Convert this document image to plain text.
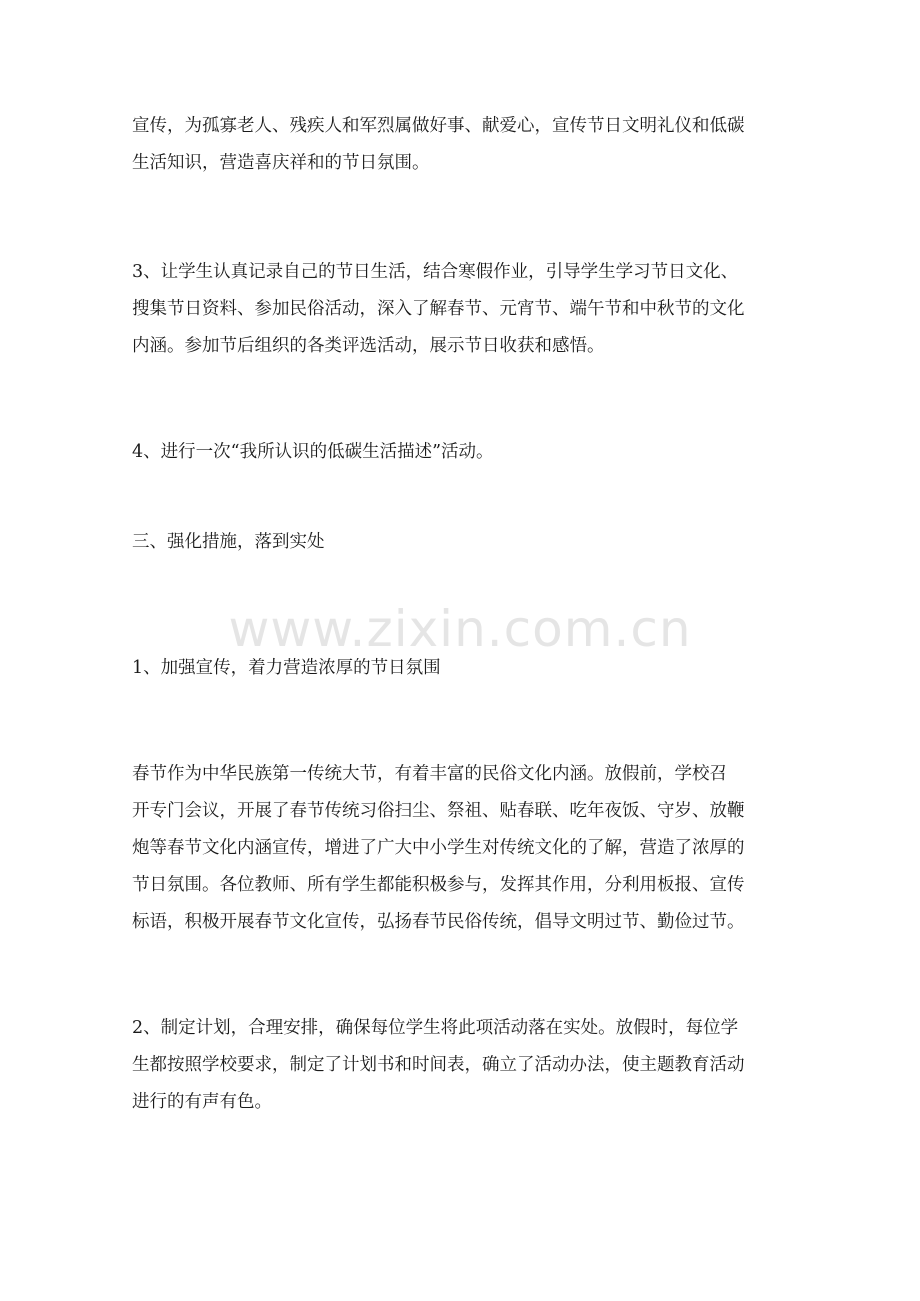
宣传，为孤寡老人、残疾人和军烈属做好事、献爱心，宣传节日文明礼仪和低碳
生活知识，营造喜庆祥和的节日氛围。

3、让学生认真记录自己的节日生活，结合寒假作业，引导学生学习节日文化、
搜集节日资料、参加民俗活动，深入了解春节、元宵节、端午节和中秋节的文化
内涵。参加节后组织的各类评选活动，展示节日收获和感悟。

4、进行一次“我所认识的低碳生活描述”活动。

三、强化措施，落到实处

1、加强宣传，着力营造浓厚的节日氛围

春节作为中华民族第一传统大节，有着丰富的民俗文化内涵。放假前，学校召
开专门会议，开展了春节传统习俗扫尘、祭祖、贴春联、吃年夜饭、守岁、放鞭
炮等春节文化内涵宣传，增进了广大中小学生对传统文化的了解，营造了浓厚的
节日氛围。各位教师、所有学生都能积极参与，发挥其作用，分利用板报、宣传
标语，积极开展春节文化宣传，弘扬春节民俗传统，倡导文明过节、勤俭过节。

2、制定计划，合理安排，确保每位学生将此项活动落在实处。放假时，每位学
生都按照学校要求，制定了计划书和时间表，确立了活动办法，使主题教育活动
进行的有声有色。

www.zixin.com.cn
